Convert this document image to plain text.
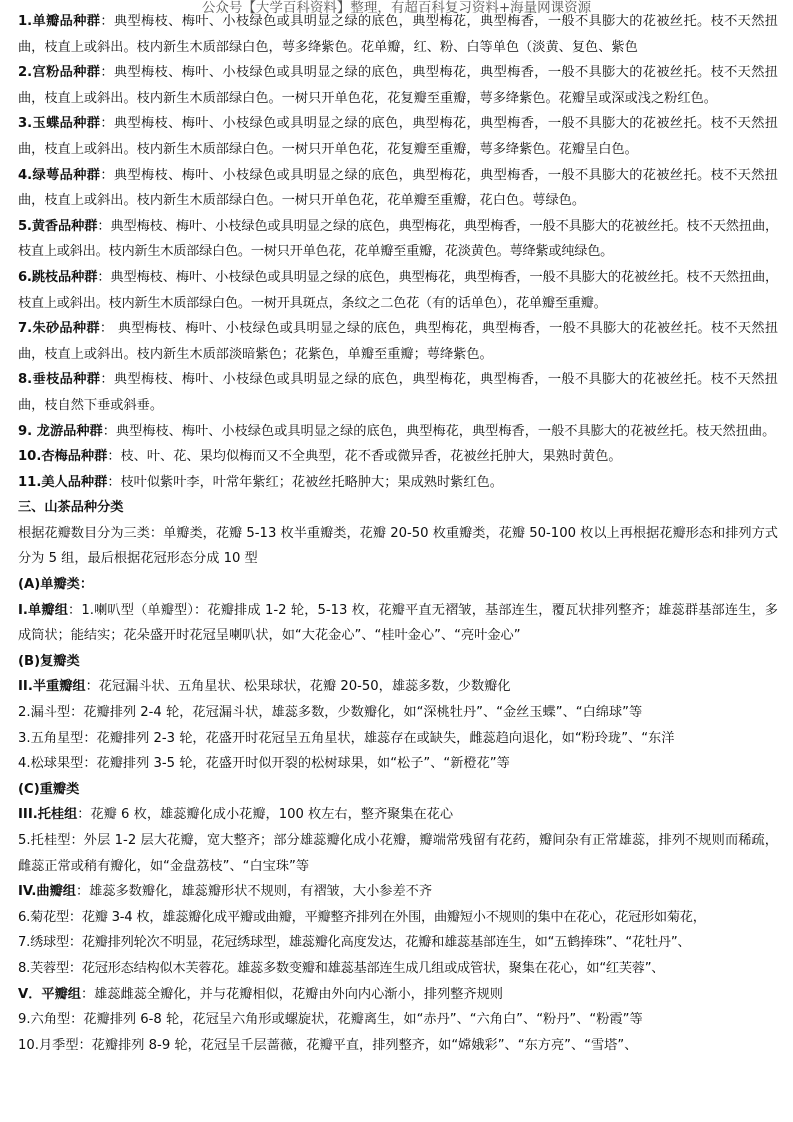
公众号【大学百科资料】整理，有超百科复习资料+海量网课资源

1.单瓣品种群：典型梅枝、梅叶、小枝绿色或具明显之绿的底色，典型梅花，典型梅香，一般不具膨大的花被丝托。枝不天然扭曲，枝直上或斜出。枝内新生木质部绿白色，萼多绛紫色。花单瓣，红、粉、白等单色（淡黄、复色、紫色

2.宫粉品种群：典型梅枝、梅叶、小枝绿色或具明显之绿的底色，典型梅花，典型梅香，一般不具膨大的花被丝托。枝不天然扭曲，枝直上或斜出。枝内新生木质部绿白色。一树只开单色花，花复瓣至重瓣，萼多绛紫色。花瓣呈或深或浅之粉红色。

3.玉蝶品种群：典型梅枝、梅叶、小枝绿色或具明显之绿的底色，典型梅花，典型梅香，一般不具膨大的花被丝托。枝不天然扭曲，枝直上或斜出。枝内新生木质部绿白色。一树只开单色花，花复瓣至重瓣，萼多绛紫色。花瓣呈白色。

4.绿萼品种群：典型梅枝、梅叶、小枝绿色或具明显之绿的底色，典型梅花，典型梅香，一般不具膨大的花被丝托。枝不天然扭曲，枝直上或斜出。枝内新生木质部绿白色。一树只开单色花，花单瓣至重瓣，花白色。萼绿色。

5.黄香品种群：典型梅枝、梅叶、小枝绿色或具明显之绿的底色，典型梅花，典型梅香，一般不具膨大的花被丝托。枝不天然扭曲，枝直上或斜出。枝内新生木质部绿白色。一树只开单色花，花单瓣至重瓣，花淡黄色。萼绛紫或纯绿色。

6.跳枝品种群：典型梅枝、梅叶、小枝绿色或具明显之绿的底色，典型梅花，典型梅香，一般不具膨大的花被丝托。枝不天然扭曲，枝直上或斜出。枝内新生木质部绿白色。一树开具斑点，条纹之二色花（有的话单色），花单瓣至重瓣。

7.朱砂品种群： 典型梅枝、梅叶、小枝绿色或具明显之绿的底色，典型梅花，典型梅香，一般不具膨大的花被丝托。枝不天然扭曲，枝直上或斜出。枝内新生木质部淡暗紫色；花紫色，单瓣至重瓣；萼绛紫色。

8.垂枝品种群：典型梅枝、梅叶、小枝绿色或具明显之绿的底色，典型梅花，典型梅香，一般不具膨大的花被丝托。枝不天然扭曲，枝自然下垂或斜垂。

9. 龙游品种群：典型梅枝、梅叶、小枝绿色或具明显之绿的底色，典型梅花，典型梅香，一般不具膨大的花被丝托。枝天然扭曲。

10.杏梅品种群：枝、叶、花、果均似梅而又不全典型，花不香或微异香，花被丝托肿大，果熟时黄色。

11.美人品种群：枝叶似紫叶李，叶常年紫红；花被丝托略肿大；果成熟时紫红色。

三、山茶品种分类

根据花瓣数目分为三类：单瓣类，花瓣 5-13 枚半重瓣类，花瓣 20-50 枚重瓣类，花瓣 50-100 枚以上再根据花瓣形态和排列方式分为 5 组，最后根据花冠形态分成 10 型

(A)单瓣类：

I.单瓣组：1.喇叭型（单瓣型）：花瓣排成 1-2 轮，5-13 枚，花瓣平直无褶皱，基部连生，覆瓦状排列整齐；雄蕊群基部连生，多成筒状；能结实；花朵盛开时花冠呈喇叭状，如“大花金心”、“桂叶金心”、“亮叶金心”

(B)复瓣类

II.半重瓣组：花冠漏斗状、五角星状、松果球状，花瓣 20-50，雄蕊多数，少数瓣化

2.漏斗型：花瓣排列 2-4 轮，花冠漏斗状，雄蕊多数，少数瓣化，如“深桃牡丹”、“金丝玉蝶”、“白绵球”等

3.五角星型：花瓣排列 2-3 轮，花盛开时花冠呈五角星状，雄蕊存在或缺失，雌蕊趋向退化，如“粉玲珑”、“东洋

4.松球果型：花瓣排列 3-5 轮，花盛开时似开裂的松树球果，如“松子”、“新橙花”等

(C)重瓣类

III.托桂组：花瓣 6 枚，雄蕊瓣化成小花瓣，100 枚左右，整齐聚集在花心

5.托桂型：外层 1-2 层大花瓣，宽大整齐；部分雄蕊瓣化成小花瓣，瓣端常残留有花药，瓣间杂有正常雄蕊，排列不规则而稀疏，雌蕊正常或稍有瓣化，如“金盘荔枝”、“白宝珠”等

IV.曲瓣组：雄蕊多数瓣化，雄蕊瓣形状不规则，有褶皱，大小参差不齐

6.菊花型：花瓣 3-4 枚，雄蕊瓣化成平瓣或曲瓣，平瓣整齐排列在外围，曲瓣短小不规则的集中在花心，花冠形如菊花，

7.绣球型：花瓣排列轮次不明显，花冠绣球型，雄蕊瓣化高度发达，花瓣和雄蕊基部连生，如“五鹤捧珠”、“花牡丹”、

8.芙蓉型：花冠形态结构似木芙蓉花。雄蕊多数变瓣和雄蕊基部连生成几组或成管状，聚集在花心，如“红芙蓉”、

V．平瓣组：雄蕊雌蕊全瓣化，并与花瓣相似，花瓣由外向内心渐小，排列整齐规则

9.六角型：花瓣排列 6-8 轮，花冠呈六角形或螺旋状，花瓣离生，如“赤丹”、“六角白”、“粉丹”、“粉霞”等

10.月季型：花瓣排列 8-9 轮，花冠呈千层蔷薇，花瓣平直，排列整齐，如“嫦娥彩”、“东方亮”、“雪塔”、
